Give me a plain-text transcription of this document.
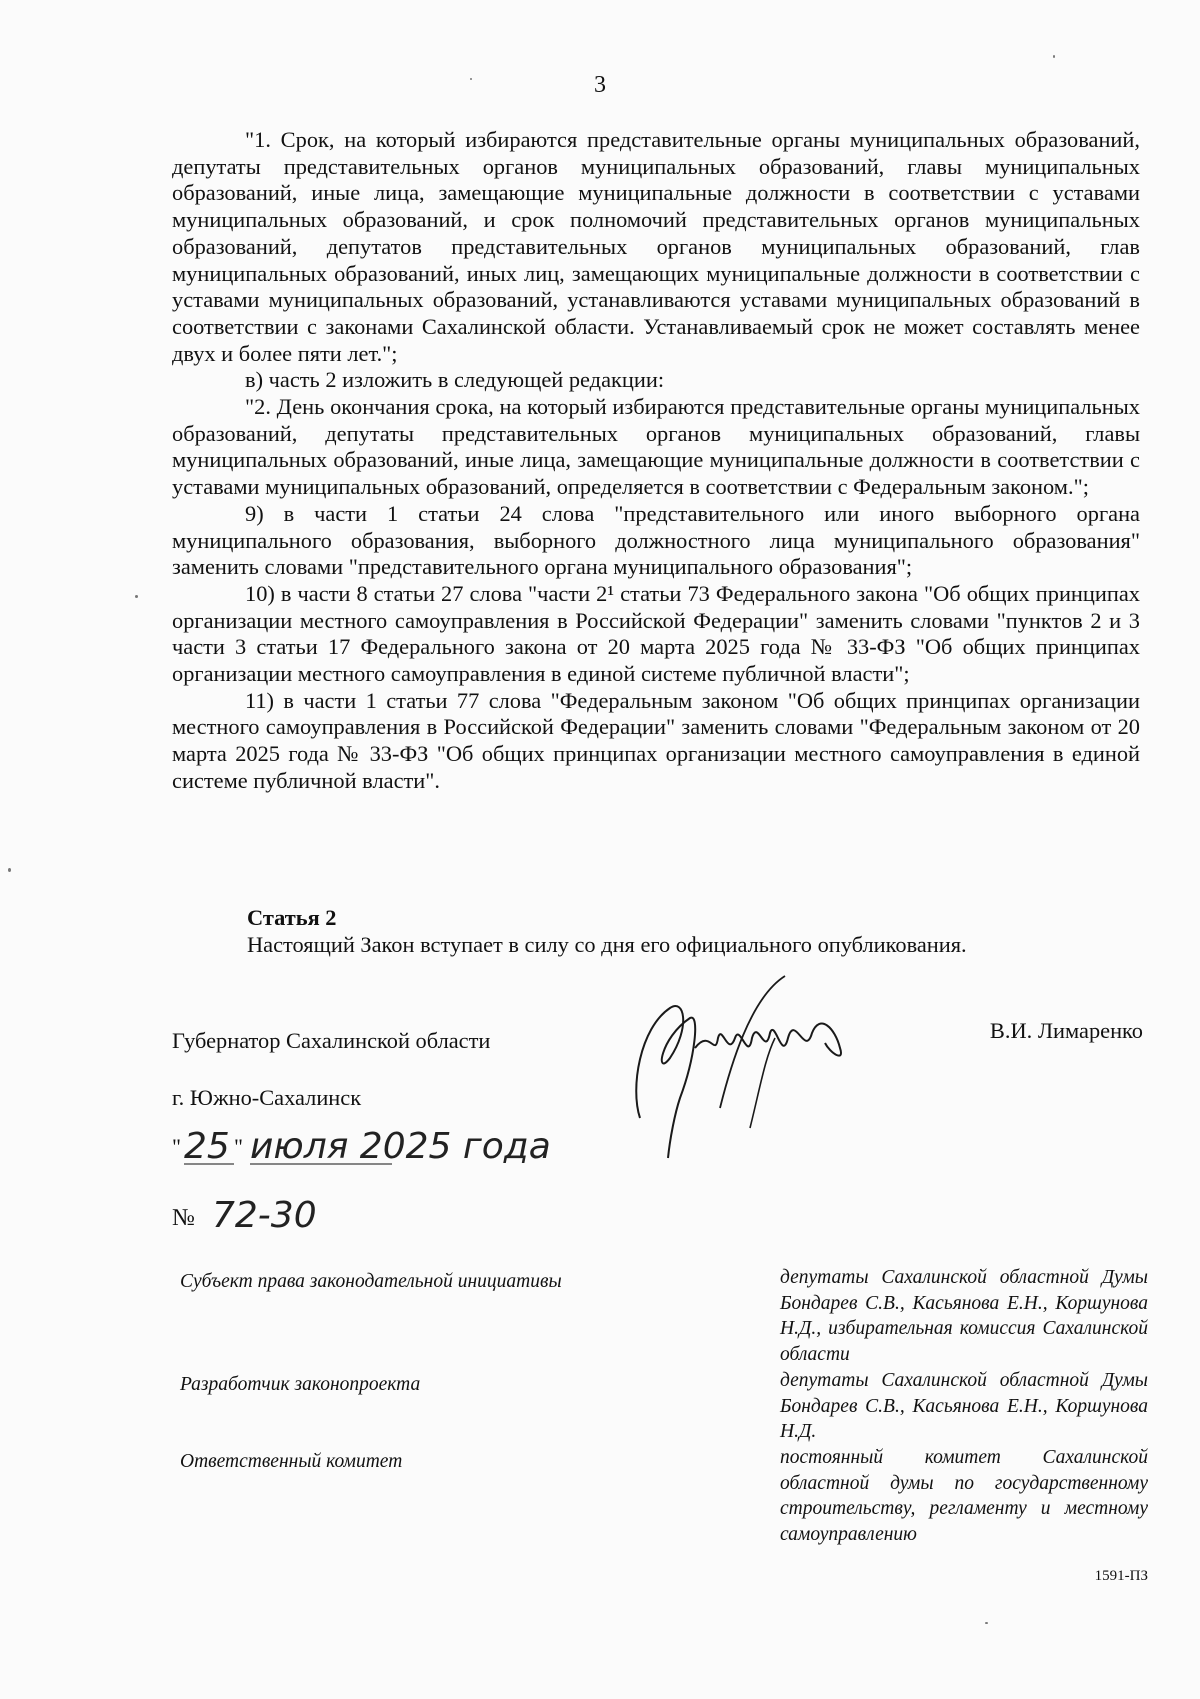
3

"1. Срок, на который избираются представительные органы муниципальных образований, депутаты представительных органов муниципальных образований, главы муниципальных образований, иные лица, замещающие муниципальные должности в соответствии с уставами муниципальных образований, и срок полномочий представительных органов муниципальных образований, депутатов представительных органов муниципальных образований, глав муниципальных образований, иных лиц, замещающих муниципальные должности в соответствии с уставами муниципальных образований, устанавливаются уставами муниципальных образований в соответствии с законами Сахалинской области. Устанавливаемый срок не может составлять менее двух и более пяти лет.";

в) часть 2 изложить в следующей редакции:

"2. День окончания срока, на который избираются представительные органы муниципальных образований, депутаты представительных органов муниципальных образований, главы муниципальных образований, иные лица, замещающие муниципальные должности в соответствии с уставами муниципальных образований, определяется в соответствии с Федеральным законом.";

9) в части 1 статьи 24 слова "представительного или иного выборного органа муниципального образования, выборного должностного лица муниципального образования" заменить словами "представительного органа муниципального образования";

10) в части 8 статьи 27 слова "части 2¹ статьи 73 Федерального закона "Об общих принципах организации местного самоуправления в Российской Федерации" заменить словами "пунктов 2 и 3 части 3 статьи 17 Федерального закона от 20 марта 2025 года № 33-ФЗ "Об общих принципах организации местного самоуправления в единой системе публичной власти";

11) в части 1 статьи 77 слова "Федеральным законом "Об общих принципах организации местного самоуправления в Российской Федерации" заменить словами "Федеральным законом от 20 марта 2025 года № 33-ФЗ "Об общих принципах организации местного самоуправления в единой системе публичной власти".

Статья 2
Настоящий Закон вступает в силу со дня его официального опубликования.
Губернатор Сахалинской области	В.И. Лимаренко
г. Южно-Сахалинск
" 25 " июля 2025 года
№ 72-30
Субъект права законодательной инициативы	депутаты Сахалинской областной Думы Бондарев С.В., Касьянова Е.Н., Коршунова Н.Д., избирательная комиссия Сахалинской области
Разработчик законопроекта	депутаты Сахалинской областной Думы Бондарев С.В., Касьянова Е.Н., Коршунова Н.Д.
Ответственный комитет	постоянный комитет Сахалинской областной думы по государственному строительству, регламенту и местному самоуправлению
1591-ПЗ
